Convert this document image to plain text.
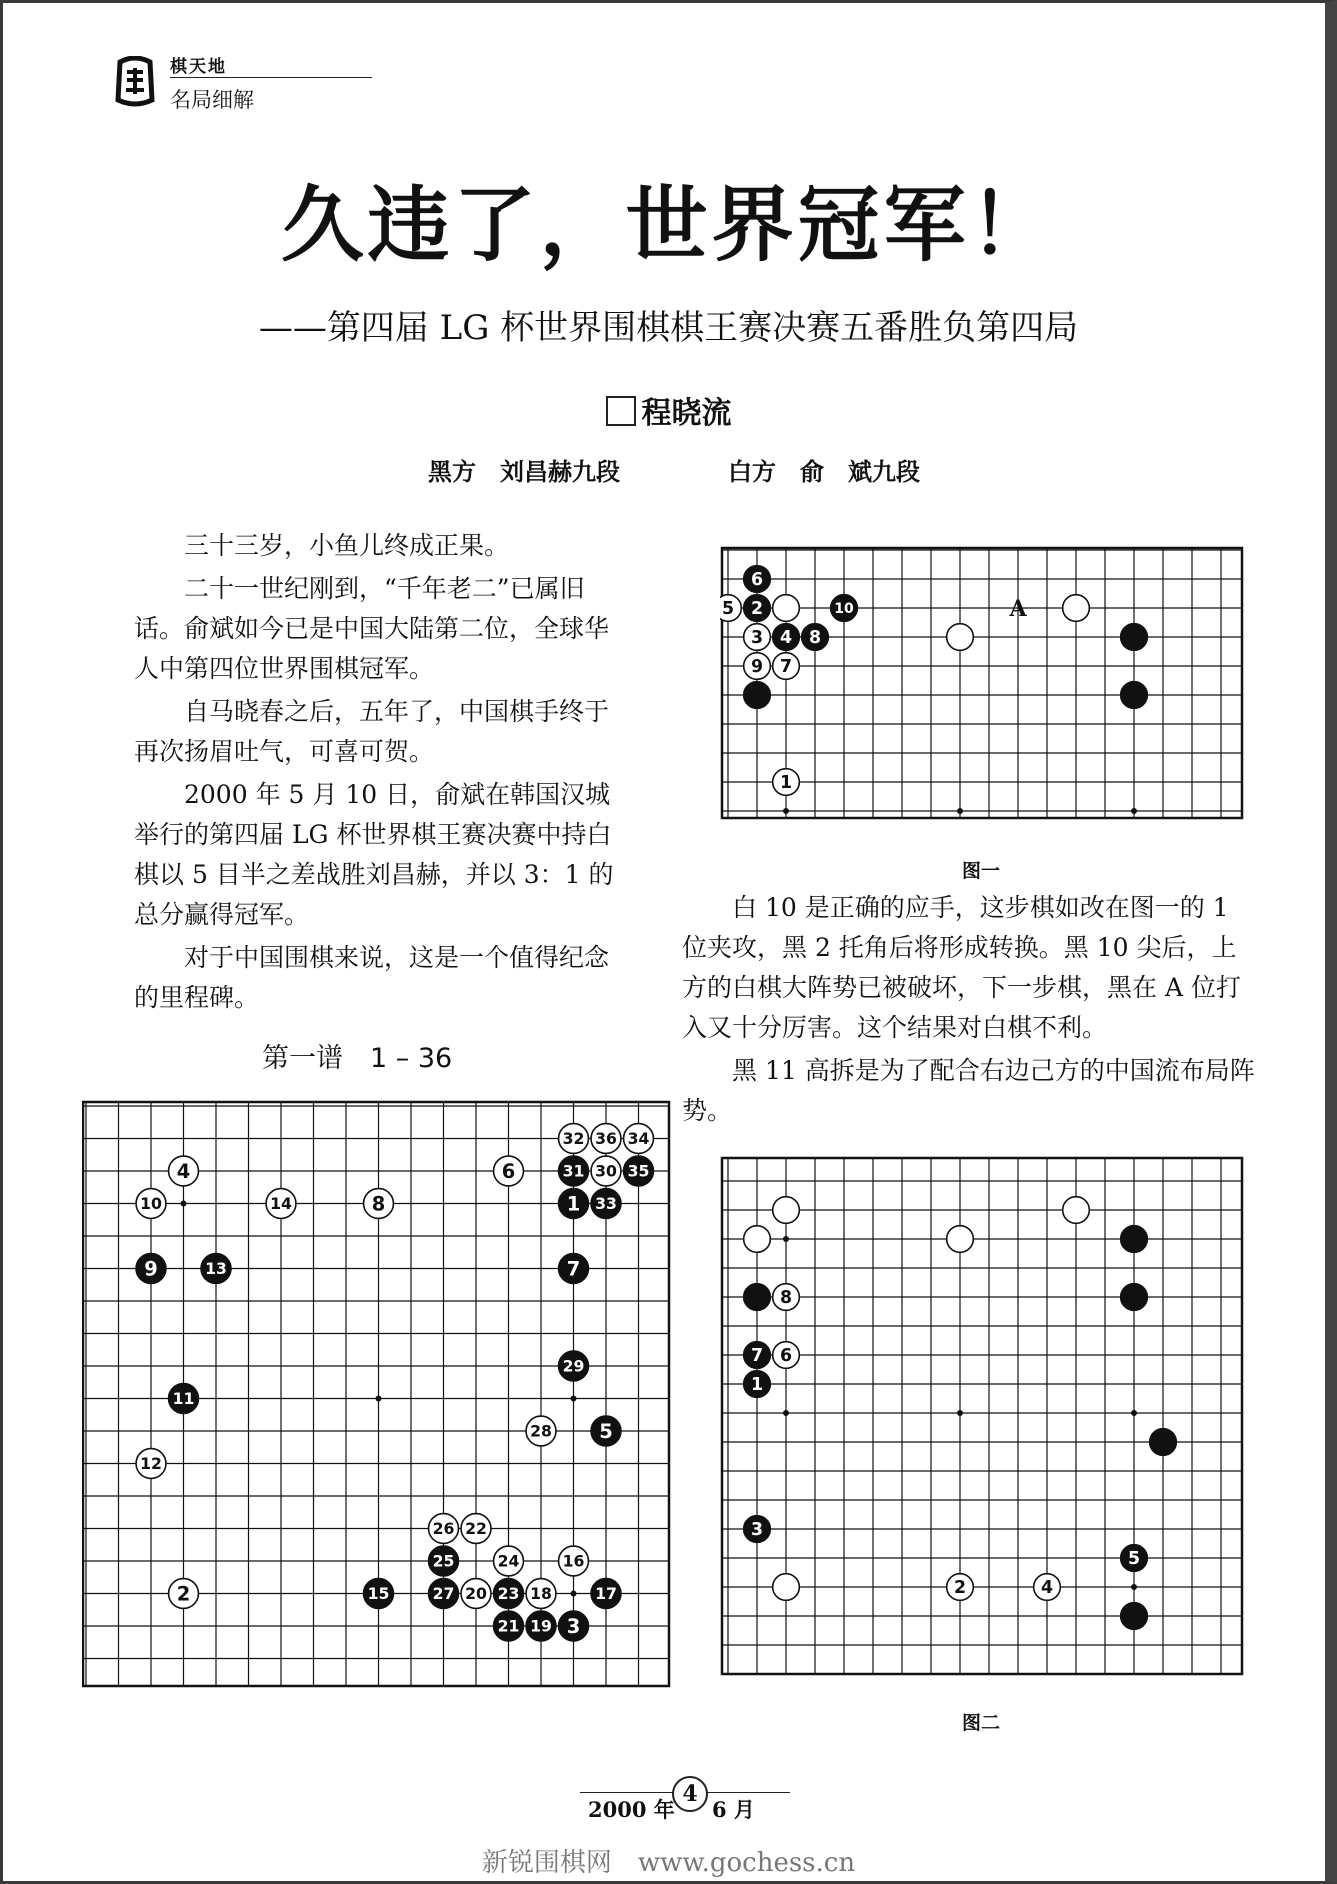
棋天地
名局细解
久违了，世界冠军！
——第四届 LG 杯世界围棋棋王赛决赛五番胜负第四局
程晓流
黑方　刘昌赫九段	白方　俞　斌九段

三十三岁，小鱼儿终成正果。

二十一世纪刚到，“千年老二”已属旧话。俞斌如今已是中国大陆第二位，全球华人中第四位世界围棋冠军。

自马晓春之后，五年了，中国棋手终于再次扬眉吐气，可喜可贺。

2000 年 5 月 10 日，俞斌在韩国汉城举行的第四届 LG 杯世界棋王赛决赛中持白棋以 5 目半之差战胜刘昌赫，并以 3：1 的总分赢得冠军。

对于中国围棋来说，这是一个值得纪念的里程碑。

第一谱　1 – 36
1
2
3
4
5
6
7
8
9
10
11
12
13
14
15
16
17
18
19
20
21
22
23
24
25
26
27
28
29
30
31
32
33
34
35
36
6
5 2	10
3 4 8
9 7
1
A
图一

白 10 是正确的应手，这步棋如改在图一的 1 位夹攻，黑 2 托角后将形成转换。黑 10 尖后，上方的白棋大阵势已被破坏，下一步棋，黑在 A 位打入又十分厉害。这个结果对白棋不利。

黑 11 高拆是为了配合右边己方的中国流布局阵势。

8
7 6
1
3
5
2	4
图二
2000 年
4
6 月
新锐围棋网　www.gochess.cn
